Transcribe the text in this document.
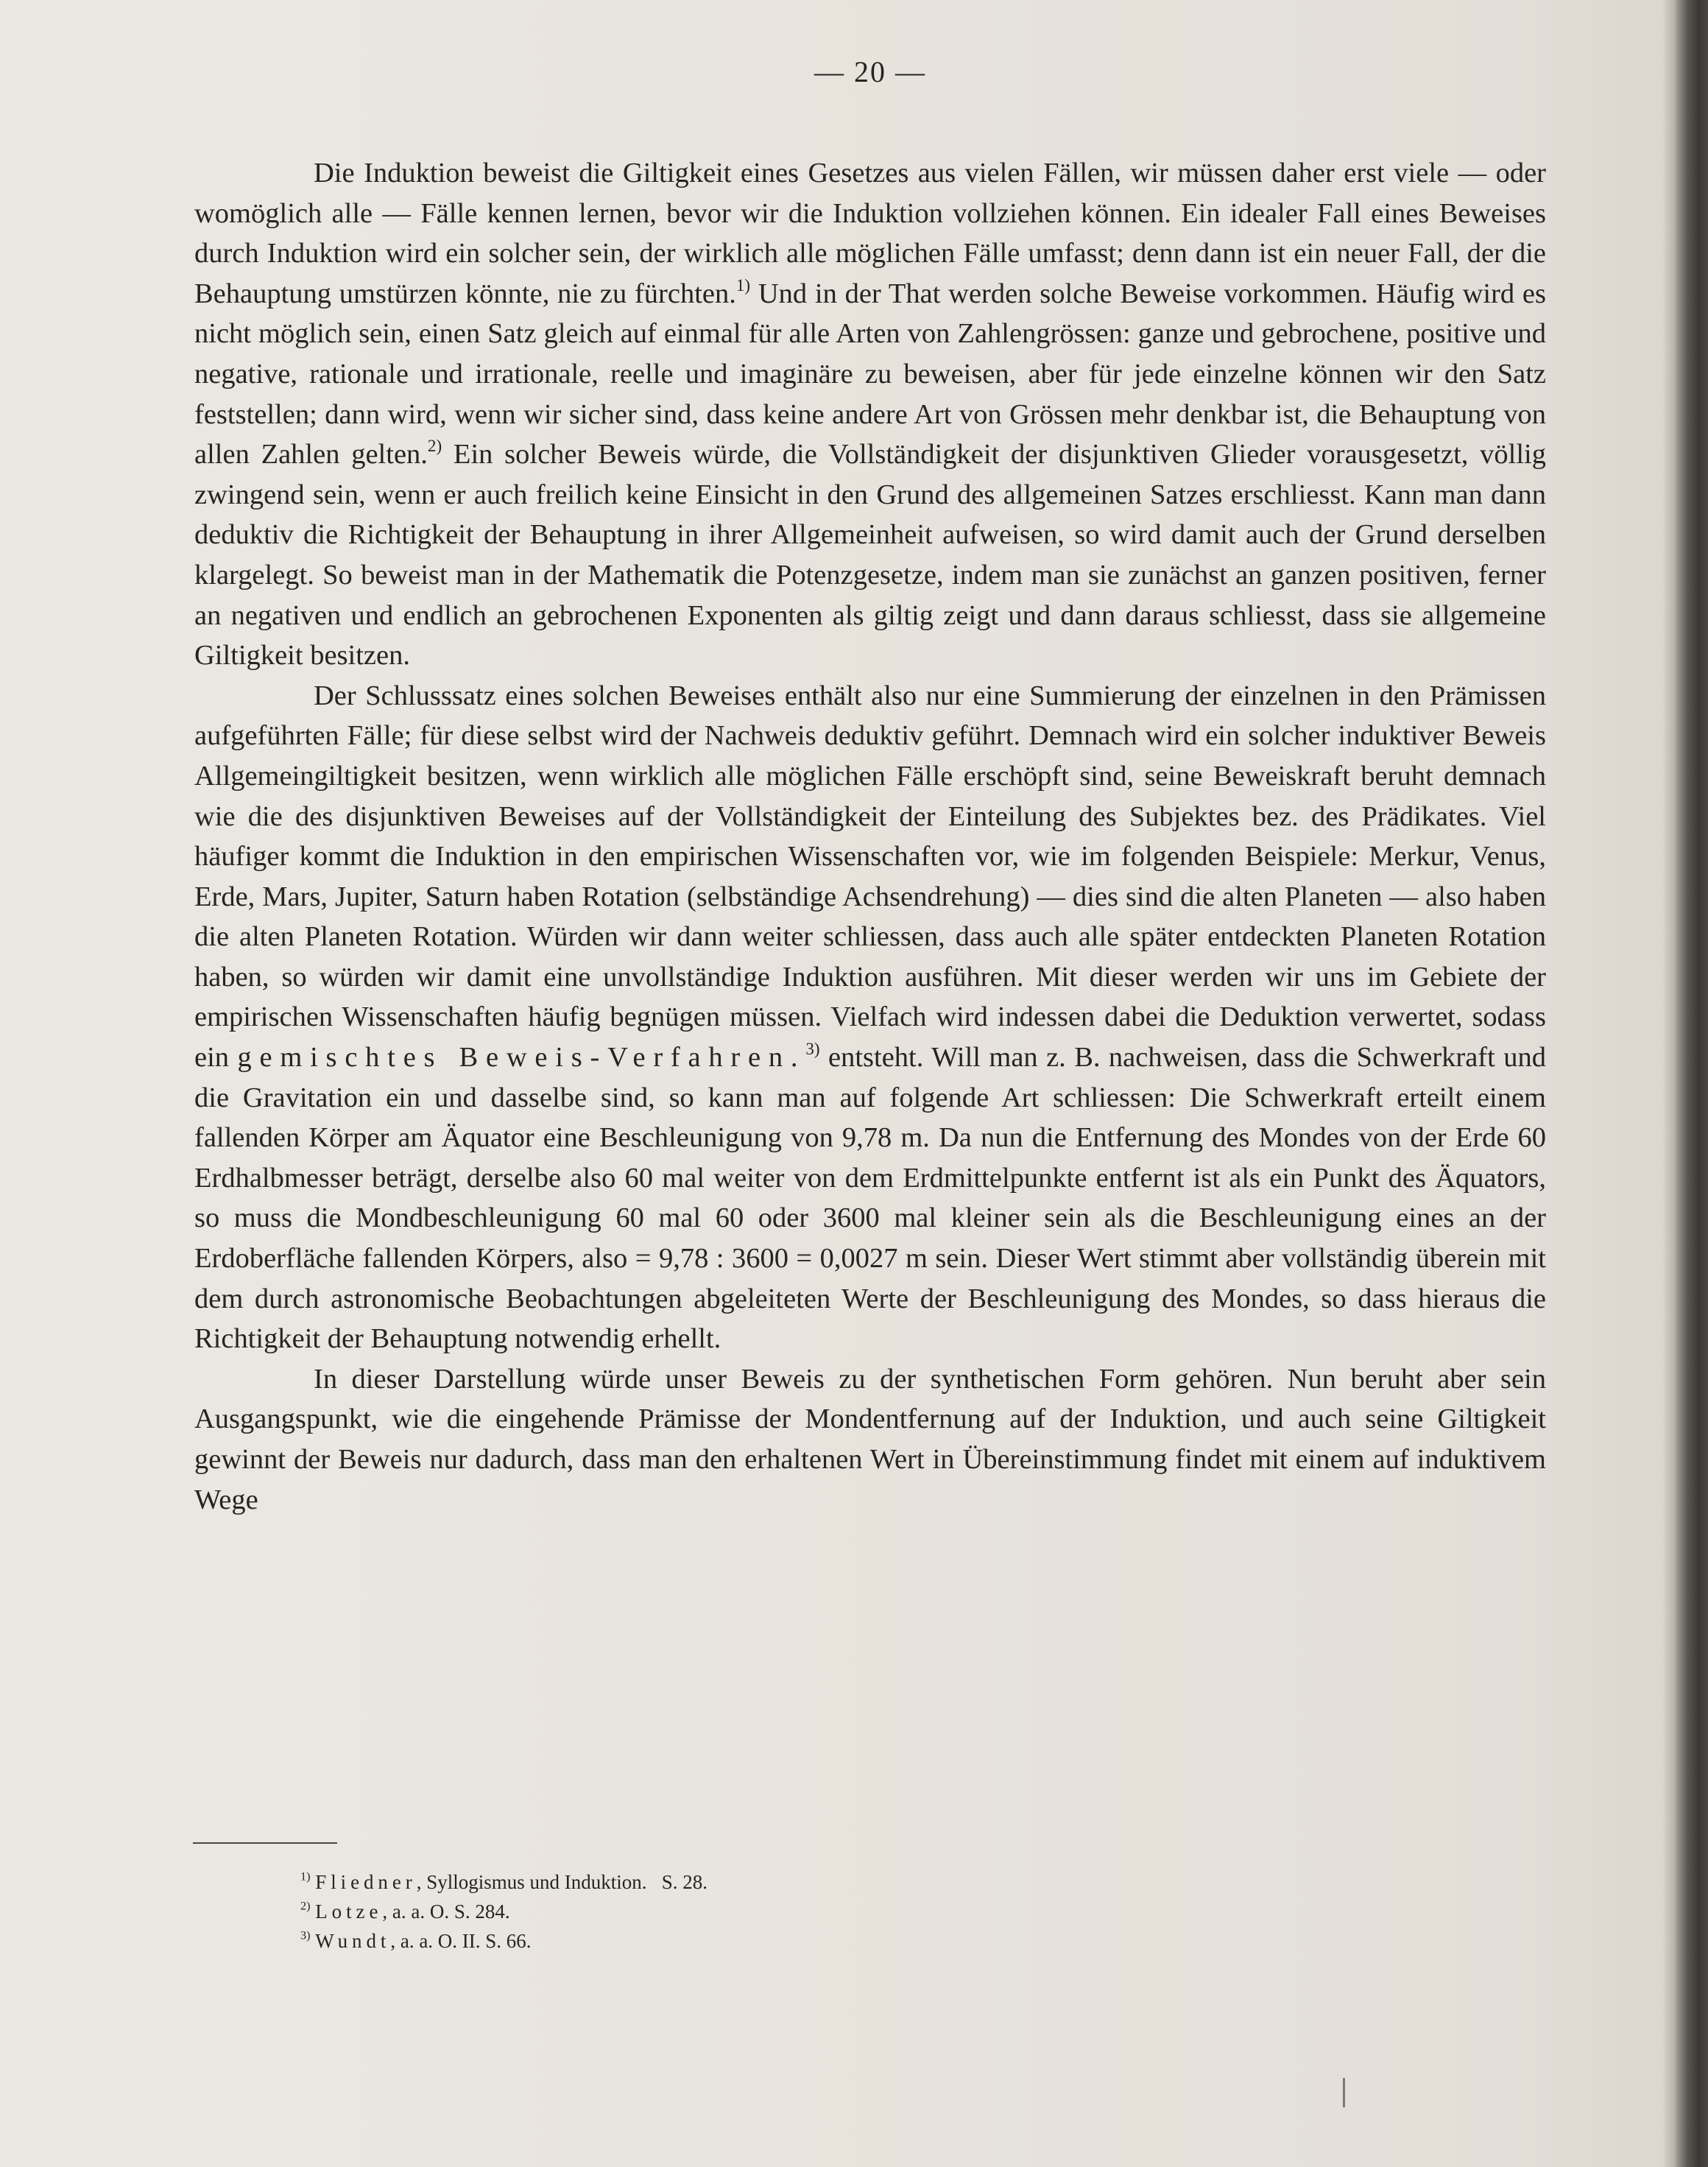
— 20 —

Die Induktion beweist die Giltigkeit eines Gesetzes aus vielen Fällen, wir müssen daher erst viele — oder womöglich alle — Fälle kennen lernen, bevor wir die Induktion vollziehen können. Ein idealer Fall eines Beweises durch Induktion wird ein solcher sein, der wirklich alle möglichen Fälle umfasst; denn dann ist ein neuer Fall, der die Behauptung umstürzen könnte, nie zu fürchten.$^{1)}$ Und in der That werden solche Beweise vorkommen. Häufig wird es nicht möglich sein, einen Satz gleich auf einmal für alle Arten von Zahlengrössen: ganze und gebrochene, positive und negative, rationale und irrationale, reelle und imaginäre zu beweisen, aber für jede einzelne können wir den Satz feststellen; dann wird, wenn wir sicher sind, dass keine andere Art von Grössen mehr denkbar ist, die Behauptung von allen Zahlen gelten.$^{2)}$ Ein solcher Beweis würde, die Vollständigkeit der disjunktiven Glieder vorausgesetzt, völlig zwingend sein, wenn er auch freilich keine Einsicht in den Grund des allgemeinen Satzes erschliesst. Kann man dann deduktiv die Richtigkeit der Behauptung in ihrer Allgemeinheit aufweisen, so wird damit auch der Grund derselben klargelegt. So beweist man in der Mathematik die Potenzgesetze, indem man sie zunächst an ganzen positiven, ferner an negativen und endlich an gebrochenen Exponenten als giltig zeigt und dann daraus schliesst, dass sie allgemeine Giltigkeit besitzen.

Der Schlusssatz eines solchen Beweises enthält also nur eine Summierung der einzelnen in den Prämissen aufgeführten Fälle; für diese selbst wird der Nachweis deduktiv geführt. Demnach wird ein solcher induktiver Beweis Allgemeingiltigkeit besitzen, wenn wirklich alle möglichen Fälle erschöpft sind, seine Beweiskraft beruht demnach wie die des disjunktiven Beweises auf der Vollständigkeit der Einteilung des Subjektes bez. des Prädikates. Viel häufiger kommt die Induktion in den empirischen Wissenschaften vor, wie im folgenden Beispiele: Merkur, Venus, Erde, Mars, Jupiter, Saturn haben Rotation (selbständige Achsendrehung) — dies sind die alten Planeten — also haben die alten Planeten Rotation. Würden wir dann weiter schliessen, dass auch alle später entdeckten Planeten Rotation haben, so würden wir damit eine unvollständige Induktion ausführen. Mit dieser werden wir uns im Gebiete der empirischen Wissenschaften häufig begnügen müssen. Vielfach wird indessen dabei die Deduktion verwertet, sodass ein gemischtes Beweis-Verfahren.$^{3)}$ entsteht. Will man z. B. nachweisen, dass die Schwerkraft und die Gravitation ein und dasselbe sind, so kann man auf folgende Art schliessen: Die Schwerkraft erteilt einem fallenden Körper am Äquator eine Beschleunigung von 9,78 m. Da nun die Entfernung des Mondes von der Erde 60 Erdhalbmesser beträgt, derselbe also 60 mal weiter von dem Erdmittelpunkte entfernt ist als ein Punkt des Äquators, so muss die Mondbeschleunigung 60 mal 60 oder 3600 mal kleiner sein als die Beschleunigung eines an der Erdoberfläche fallenden Körpers, also = 9,78 : 3600 = 0,0027 m sein. Dieser Wert stimmt aber vollständig überein mit dem durch astronomische Beobachtungen abgeleiteten Werte der Beschleunigung des Mondes, so dass hieraus die Richtigkeit der Behauptung notwendig erhellt.

In dieser Darstellung würde unser Beweis zu der synthetischen Form gehören. Nun beruht aber sein Ausgangspunkt, wie die eingehende Prämisse der Mondentfernung auf der Induktion, und auch seine Giltigkeit gewinnt der Beweis nur dadurch, dass man den erhaltenen Wert in Übereinstimmung findet mit einem auf induktivem Wege

$^{1)}$ Fliedner, Syllogismus und Induktion.   S. 28.
$^{2)}$ Lotze, a. a. O. S. 284.
$^{3)}$ Wundt, a. a. O. II. S. 66.
